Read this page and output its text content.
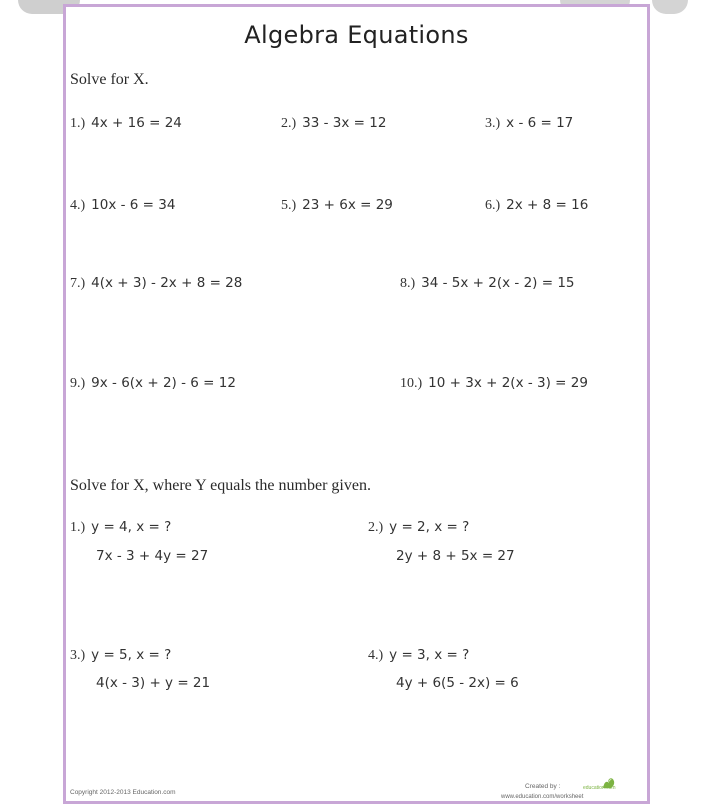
Algebra Equations
Solve for X.
1.) 4x + 16 = 24	2.) 33 - 3x = 12	3.) x - 6 = 17
4.) 10x - 6 = 34	5.) 23 + 6x = 29	6.) 2x + 8 = 16
7.) 4(x + 3) - 2x + 8 = 28	8.) 34 - 5x + 2(x - 2) = 15
9.) 9x - 6(x + 2) - 6 = 12	10.) 10 + 3x + 2(x - 3) = 29
Solve for X, where Y equals the number given.
1.) y = 4, x = ?
7x - 3 + 4y = 27
2.) y = 2, x = ?
2y + 8 + 5x = 27
3.) y = 5, x = ?
4(x - 3) + y = 21
4.) y = 3, x = ?
4y + 6(5 - 2x) = 6
Copyright 2012-2013 Education.com
Created by :	education.com
www.education.com/worksheet
